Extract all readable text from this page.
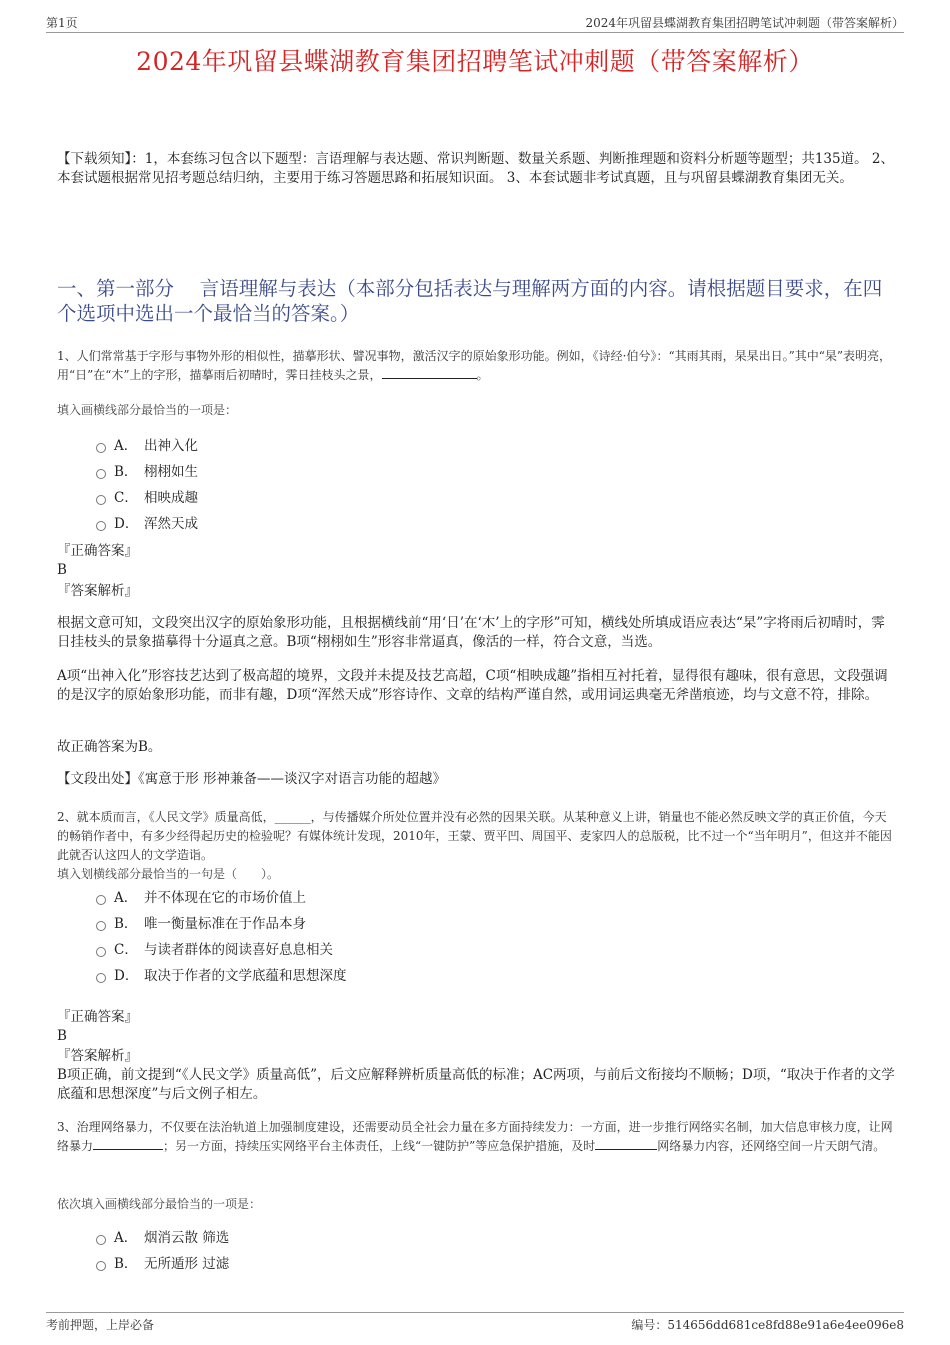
第1页	2024年巩留县蝶湖教育集团招聘笔试冲刺题（带答案解析）
2024年巩留县蝶湖教育集团招聘笔试冲刺题（带答案解析）
【下载须知】：1，本套练习包含以下题型：言语理解与表达题、常识判断题、数量关系题、判断推理题和资料分析题等题型；共135道。 2、本套试题根据常见招考题总结归纳，主要用于练习答题思路和拓展知识面。 3、本套试题非考试真题，且与巩留县蝶湖教育集团无关。
一、第一部分　 言语理解与表达（本部分包括表达与理解两方面的内容。请根据题目要求，在四个选项中选出一个最恰当的答案。）
1、人们常常基于字形与事物外形的相似性，描摹形状、譬况事物，激活汉字的原始象形功能。例如，《诗经·伯兮》：“其雨其雨，杲杲出日。”其中“杲”表明亮，用“日”在“木”上的字形，描摹雨后初晴时，霁日挂枝头之景，	。
填入画横线部分最恰当的一项是：
A． 出神入化
B． 栩栩如生
C． 相映成趣
D． 浑然天成
『正确答案』
B
『答案解析』
根据文意可知，文段突出汉字的原始象形功能，且根据横线前“用‘日’在‘木’上的字形”可知，横线处所填成语应表达“杲”字将雨后初晴时，霁日挂枝头的景象描摹得十分逼真之意。B项“栩栩如生”形容非常逼真，像活的一样，符合文意，当选。
A项“出神入化”形容技艺达到了极高超的境界，文段并未提及技艺高超，C项“相映成趣”指相互衬托着，显得很有趣味，很有意思，文段强调的是汉字的原始象形功能，而非有趣，D项“浑然天成”形容诗作、文章的结构严谨自然，或用词运典毫无斧凿痕迹，均与文意不符，排除。
故正确答案为B。
【文段出处】《寓意于形 形神兼备——谈汉字对语言功能的超越》
2、就本质而言，《人民文学》质量高低，______，与传播媒介所处位置并没有必然的因果关联。从某种意义上讲，销量也不能必然反映文学的真正价值，今天的畅销作者中，有多少经得起历史的检验呢？有媒体统计发现，2010年，王蒙、贾平凹、周国平、麦家四人的总版税，比不过一个“当年明月”，但这并不能因此就否认这四人的文学造诣。
填入划横线部分最恰当的一句是（　　）。
A． 并不体现在它的市场价值上
B． 唯一衡量标准在于作品本身
C． 与读者群体的阅读喜好息息相关
D． 取决于作者的文学底蕴和思想深度
『正确答案』
B
『答案解析』
B项正确，前文提到“《人民文学》质量高低”，后文应解释辨析质量高低的标准；AC两项，与前后文衔接均不顺畅；D项，“取决于作者的文学底蕴和思想深度”与后文例子相左。
3、治理网络暴力，不仅要在法治轨道上加强制度建设，还需要动员全社会力量在多方面持续发力：一方面，进一步推行网络实名制，加大信息审核力度，让网络暴力	；另一方面，持续压实网络平台主体责任，上线“一键防护”等应急保护措施，及时	网络暴力内容，还网络空间一片天朗气清。
依次填入画横线部分最恰当的一项是：
A． 烟消云散 筛选
B． 无所遁形 过滤
考前押题，上岸必备	编号：514656dd681ce8fd88e91a6e4ee096e8
